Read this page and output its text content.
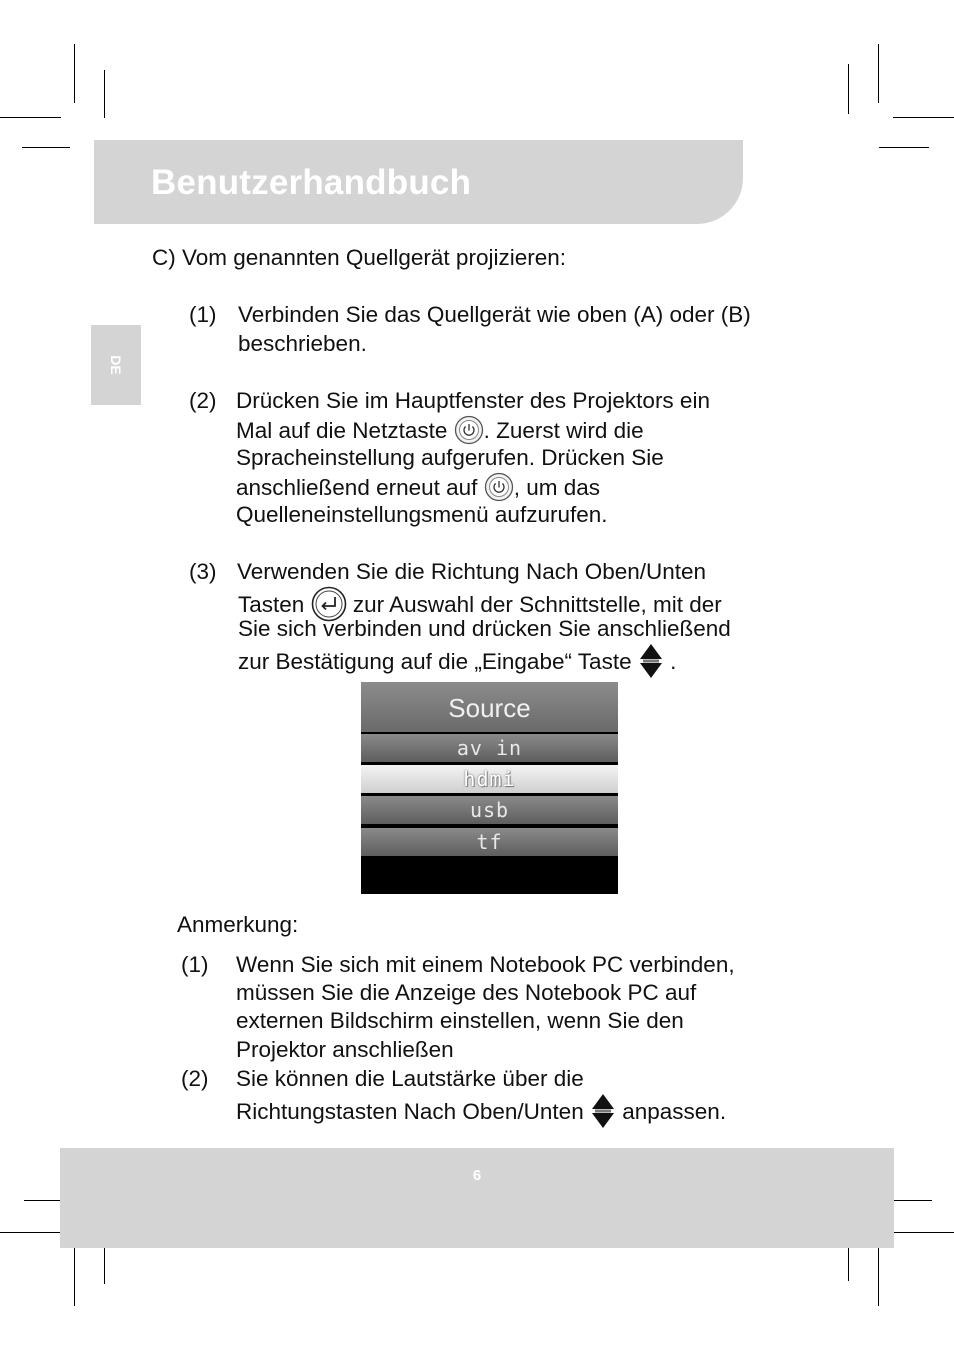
Benutzerhandbuch
DE
C) Vom genannten Quellgerät projizieren:
(1) Verbinden Sie das Quellgerät wie oben (A) oder (B)
beschrieben.
(2) Drücken Sie im Hauptfenster des Projektors ein
Mal auf die Netztaste . Zuerst wird die
Spracheinstellung aufgerufen. Drücken Sie
anschließend erneut auf , um das
Quelleneinstellungsmenü aufzurufen.
(3) Verwenden Sie die Richtung Nach Oben/Unten
Tasten zur Auswahl der Schnittstelle, mit der
Sie sich verbinden und drücken Sie anschließend
zur Bestätigung auf die „Eingabe“ Taste .
Source
av in
hdmi
usb
tf
Anmerkung:
(1) Wenn Sie sich mit einem Notebook PC verbinden,
müssen Sie die Anzeige des Notebook PC auf
externen Bildschirm einstellen, wenn Sie den
Projektor anschließen
(2) Sie können die Lautstärke über die
Richtungstasten Nach Oben/Unten
anpassen.
6
